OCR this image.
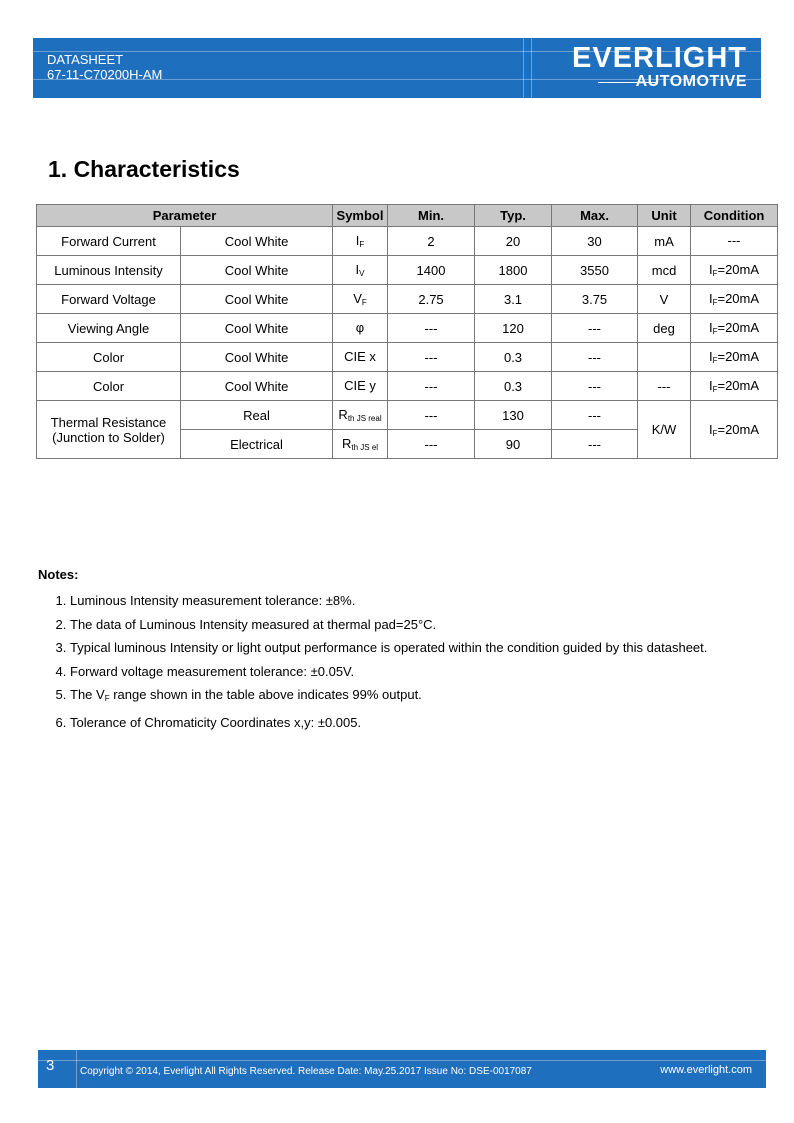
DATASHEET
67-11-C70200H-AM
EVERLIGHT
AUTOMOTIVE
1. Characteristics
Parameter		Symbol	Min.	Typ.	Max.	Unit	Condition
Forward Current	Cool White	$I_F$	2	20	30	mA	---
Luminous Intensity	Cool White	$I_V$	1400	1800	3550	mcd	$I_F=20mA$
Forward Voltage	Cool White	$V_F$	2.75	3.1	3.75	V	$I_F=20mA$
Viewing Angle	Cool White	φ	---	120	---	deg	$I_F=20mA$
Color	Cool White	CIE x	---	0.3	---		$I_F=20mA$
Color	Cool White	CIE y	---	0.3	---	---	$I_F=20mA$
Thermal Resistance
(Junction to Solder)	Real	$R_{th JS real}$	---	130	---	K/W	$I_F=20mA$
	Electrical	$R_{th JS el}$	---	90	---		
Notes:
1. Luminous Intensity measurement tolerance: ±8%.
2. The data of Luminous Intensity measured at thermal pad=25°C.
3. Typical luminous Intensity or light output performance is operated within the condition guided by this datasheet.
4. Forward voltage measurement tolerance: ±0.05V.
5. The $V_F$ range shown in the table above indicates 99% output.
6. Tolerance of Chromaticity Coordinates x,y: ±0.005.
3	Copyright © 2014, Everlight All Rights Reserved. Release Date: May.25.2017 Issue No: DSE-0017087	www.everlight.com
